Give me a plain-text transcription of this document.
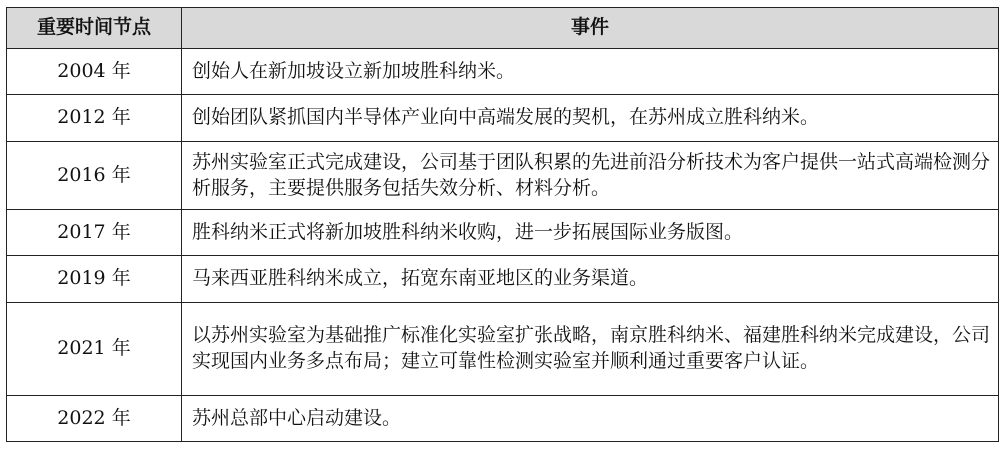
重要时间节点	事件
2004 年	创始人在新加坡设立新加坡胜科纳米。
2012 年	创始团队紧抓国内半导体产业向中高端发展的契机，在苏州成立胜科纳米。
2016 年	苏州实验室正式完成建设，公司基于团队积累的先进前沿分析技术为客户提供一站式高端检测分析服务，主要提供服务包括失效分析、材料分析。
2017 年	胜科纳米正式将新加坡胜科纳米收购，进一步拓展国际业务版图。
2019 年	马来西亚胜科纳米成立，拓宽东南亚地区的业务渠道。
2021 年	以苏州实验室为基础推广标准化实验室扩张战略，南京胜科纳米、福建胜科纳米完成建设，公司实现国内业务多点布局；建立可靠性检测实验室并顺利通过重要客户认证。
2022 年	苏州总部中心启动建设。
